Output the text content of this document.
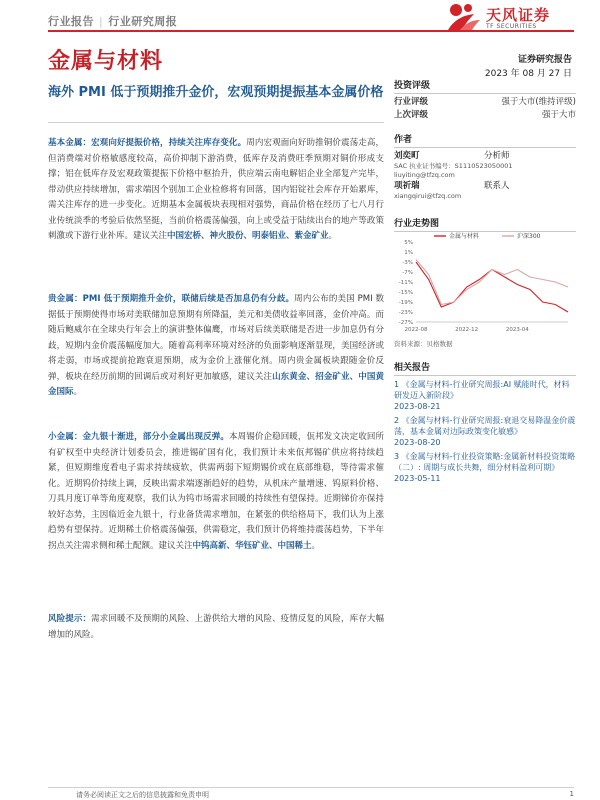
行业报告 | 行业研究周报	天风证券
TF SECURITIES
金属与材料	证券研究报告
2023 年 08 月 27 日
海外 PMI 低于预期推升金价，宏观预期提振基本金属价格
基本金属：宏观向好提振价格，持续关注库存变化。周内宏观面向好助推铜价震荡走高，但消费端对价格敏感度较高，高价抑制下游消费，低库存及消费旺季预期对铜价形成支撑；铝在低库存及宏观政策提振下价格中枢抬升，供应端云南电解铝企业全部复产完毕，带动供应持续增加，需求端因个别加工企业检修将有回落，国内铝锭社会库存开始累库，需关注库存的进一步变化。近期基本金属板块表现相对强势，商品价格在经历了七八月行业传统淡季的考验后依然坚挺，当前价格震荡偏强，向上或受益于陆续出台的地产等政策刺激或下游行业补库。建议关注中国宏桥、神火股份、明泰铝业、紫金矿业。
贵金属：PMI 低于预期推升金价，联储后续是否加息仍有分歧。周内公布的美国 PMI 数据低于预期使得市场对美联储加息预期有所降温，美元和美债收益率回落，金价冲高。而随后鲍威尔在全球央行年会上的演讲整体偏鹰，市场对后续美联储是否进一步加息仍有分歧，短期内金价震荡幅度加大。随着高利率环境对经济的负面影响逐渐显现，美国经济或将走弱，市场或提前抢跑衰退预期，成为金价上涨催化剂。周内贵金属板块跟随金价反弹，板块在经历前期的回调后或对利好更加敏感，建议关注山东黄金、招金矿业、中国黄金国际。
小金属：金九银十渐进，部分小金属出现反弹。本周锡价企稳回暖，佤邦发文决定收回所有矿权至中央经济计划委员会，推进锡矿国有化，我们预计未来佤邦锡矿供应将持续趋紧，但短期维度看电子需求持续疲软，供需两弱下短期锡价或在底部维稳，等待需求催化。近期钨价持续上调，反映出需求端逐渐趋好的趋势，从机床产量增速、钨原料价格、刀具月度订单等角度观察，我们认为钨市场需求回暖的持续性有望保持。近期锑价亦保持较好态势，主因临近金九银十，行业备货需求增加，在紧张的供给格局下，我们认为上涨趋势有望保持。近期稀土价格震荡偏强，供需稳定，我们预计仍将维持震荡趋势，下半年拐点关注需求侧和稀土配额。建议关注中钨高新、华钰矿业、中国稀土。
风险提示：需求回暖不及预期的风险、上游供给大增的风险、疫情反复的风险，库存大幅增加的风险。
投资评级
行业评级	强于大市(维持评级)
上次评级	强于大市
作者
刘奕町	分析师
SAC 执业证书编号：S1110523050001
liuyiting@tfzq.com
项祈瑞	联系人
xiangqirui@tfzq.com
行业走势图
5%
1%
-3%
-7%
-11%
-15%
-19%
-23%
-27%
2022-08	2022-12	2023-04
金属与材料	沪深300
资料来源：贝格数据
相关报告
1 《金属与材料-行业研究周报:AI 赋能时代，材料研发迈入新阶段》
2023-08-21
2 《金属与材料-行业研究周报:衰退交易降温金价震荡，基本金属对边际政策变化敏感》
2023-08-20
3 《金属与材料-行业投资策略:金属新材料投资策略（二）: 周期与成长共舞，细分材料盈利可期》
2023-05-11
请务必阅读正文之后的信息披露和免责申明	1
